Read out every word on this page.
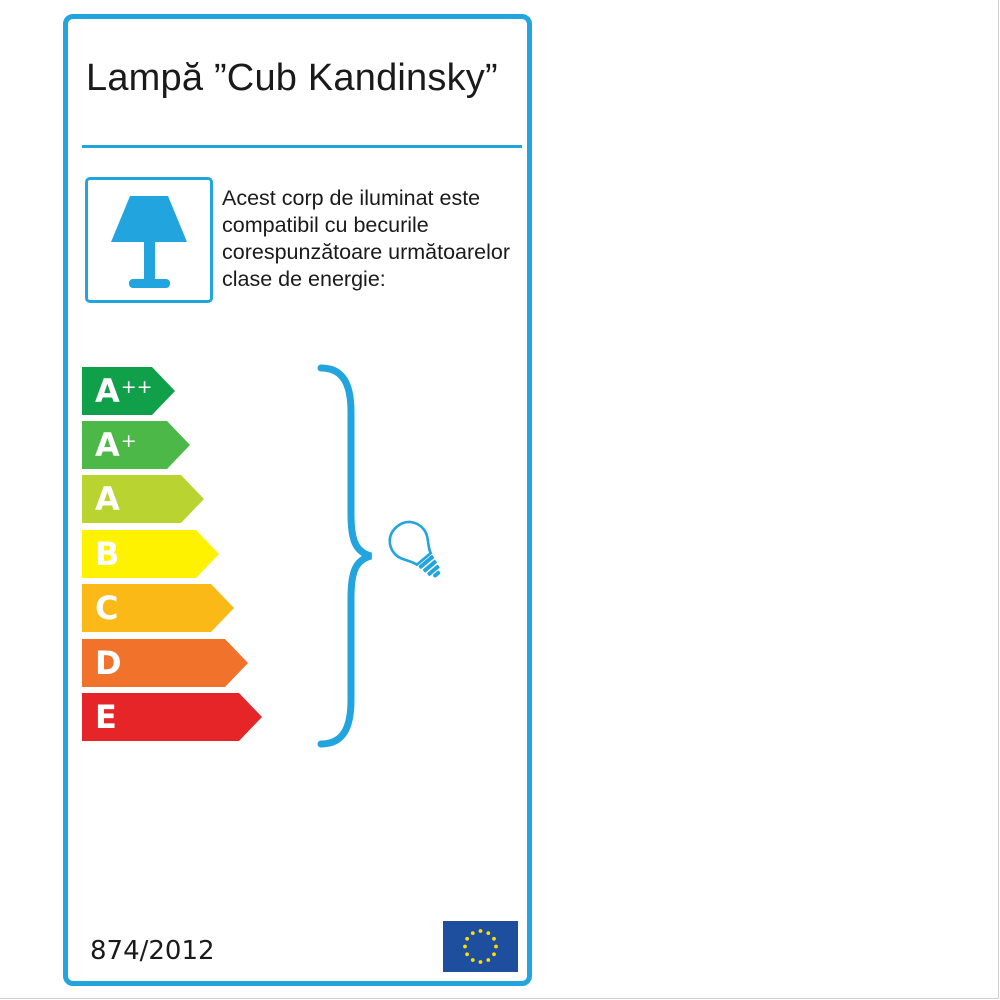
Lampă ”Cub Kandinsky”
Acest corp de iluminat este
compatibil cu becurile
corespunzătoare următoarelor
clase de energie:
A++
A+
A
B
C
D
E
874/2012
